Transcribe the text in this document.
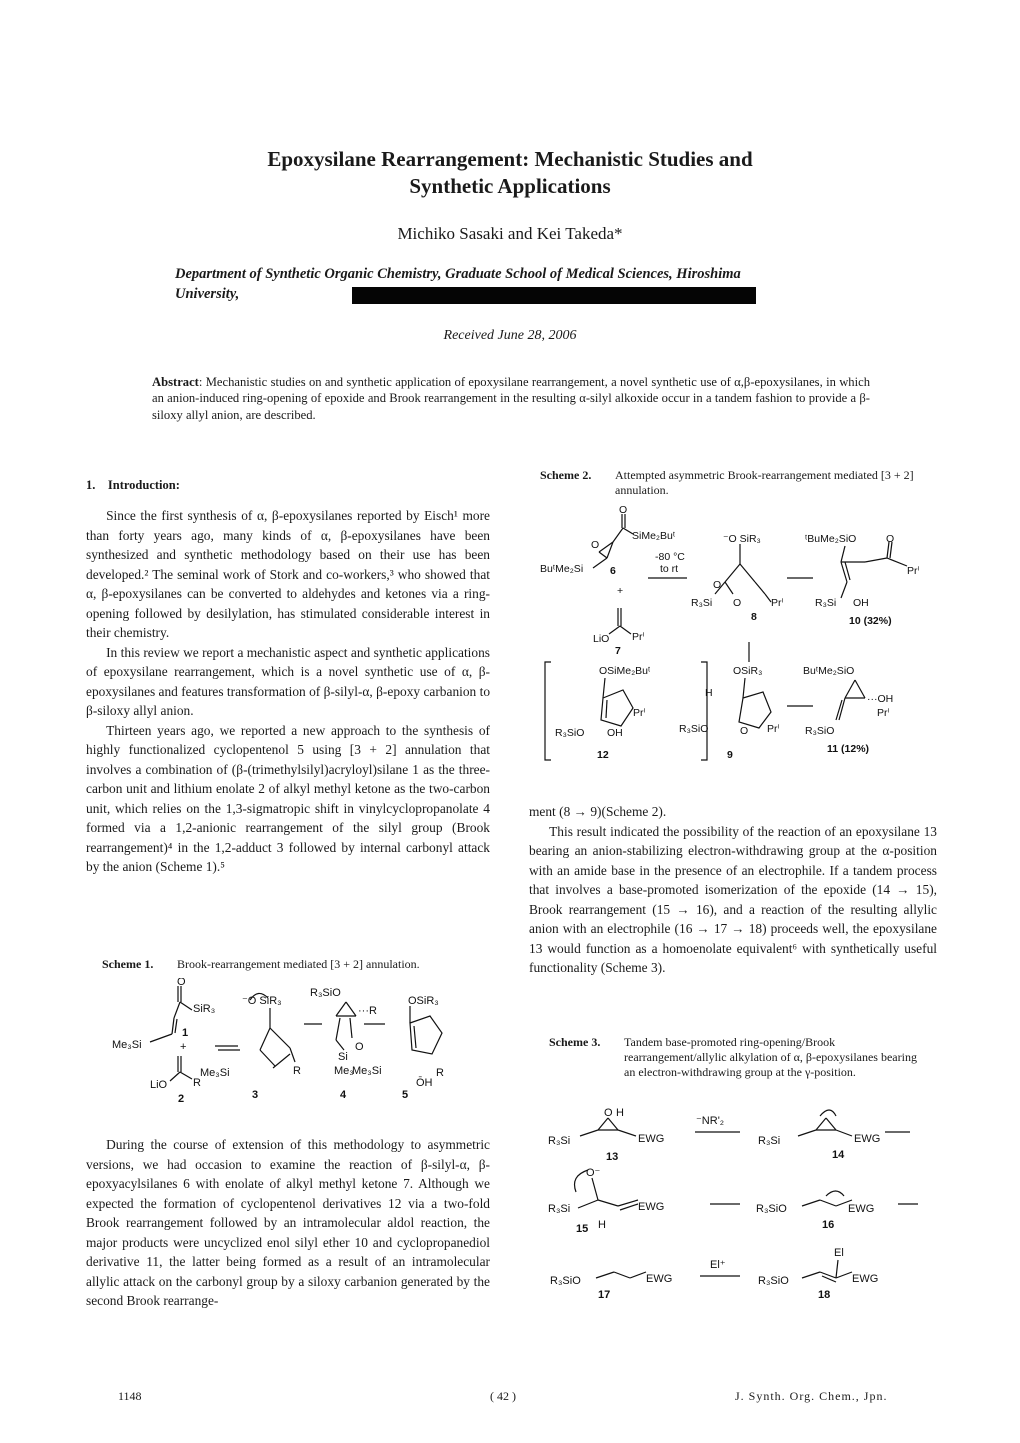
Epoxysilane Rearrangement: Mechanistic Studies and
Synthetic Applications
Michiko Sasaki and Kei Takeda*
Department of Synthetic Organic Chemistry, Graduate School of Medical Sciences, Hiroshima
University,
Received June 28, 2006
Abstract: Mechanistic studies on and synthetic application of epoxysilane rearrangement, a novel synthetic use of α,β-epoxysilanes, in which an anion-induced ring-opening of epoxide and Brook rearrangement in the resulting α-silyl alkoxide occur in a tandem fashion to provide a β-siloxy allyl anion, are described.
1.    Introduction:

Since the first synthesis of α, β-epoxysilanes reported by Eisch¹ more than forty years ago, many kinds of α, β-epoxysilanes have been synthesized and synthetic methodology based on their use has been developed.² The seminal work of Stork and co-workers,³ who showed that α, β-epoxysilanes can be converted to aldehydes and ketones via a ring-opening followed by desilylation, has stimulated considerable interest in their chemistry.

In this review we report a mechanistic aspect and synthetic applications of epoxysilane rearrangement, which is a novel synthetic use of α, β-epoxysilanes and features transformation of β-silyl-α, β-epoxy carbanion to β-siloxy allyl anion.

Thirteen years ago, we reported a new approach to the synthesis of highly functionalized cyclopentenol 5 using [3 + 2] annulation that involves a combination of (β-(trimethylsilyl)acryloyl)silane 1 as the three-carbon unit and lithium enolate 2 of alkyl methyl ketone as the two-carbon unit, which relies on the 1,3-sigmatropic shift in vinylcyclopropanolate 4 formed via a 1,2-anionic rearrangement of the silyl group (Brook rearrangement)⁴ in the 1,2-adduct 3 followed by internal carbonyl attack by the anion (Scheme 1).⁵

Scheme 1. Brook-rearrangement mediated [3 + 2] annulation.
O
SiR₃
Me₃Si
1
+
LiO R
2
⁻O SiR₃
R₃SiO
Me₃Si	R
3
···R
O
Si
Me₃
Me₃Si
4
OSiR₃
R
ŌH
5

During the course of extension of this methodology to asymmetric versions, we had occasion to examine the reaction of β-silyl-α, β-epoxyacylsilanes 6 with enolate of alkyl methyl ketone 7. Although we expected the formation of cyclopentenol derivatives 12 via a two-fold Brook rearrangement followed by an intramolecular aldol reaction, the major products were uncyclized enol silyl ether 10 and cyclopropanediol derivative 11, the latter being formed as a result of an intramolecular allylic attack on the carbonyl group by a siloxy carbanion generated by the second Brook rearrange-

Scheme 2. Attempted asymmetric Brook-rearrangement mediated [3 + 2] annulation.
O
SiMe₂Buᵗ
O
BuᵗMe₂Si
-80 °C
to rt
6
+
LiO Prⁱ
7
⁻O SiR₃
O
R₃Si O	Prⁱ
8
ᵗBuMe₂SiO	O
Prⁱ
R₃Si OH
10 (32%)
OSiMe₂Buᵗ
Prⁱ
R₃SiO OH
12
OSiR₃
H
R₃SiO	O Prⁱ
9
BuᵗMe₂SiO
···OH
Prⁱ
R₃SiO
11 (12%)
ment (8 → 9)(Scheme 2).

This result indicated the possibility of the reaction of an epoxysilane 13 bearing an anion-stabilizing electron-withdrawing group at the α-position with an amide base in the presence of an electrophile. If a tandem process that involves a base-promoted isomerization of the epoxide (14 → 15), Brook rearrangement (15 → 16), and a reaction of the resulting allylic anion with an electrophile (16 → 17 → 18) proceeds well, the epoxysilane 13 would function as a homoenolate equivalent⁶ with synthetically useful functionality (Scheme 3).

Scheme 3. Tandem base-promoted ring-opening/Brook rearrangement/allylic alkylation of α, β-epoxysilanes bearing an electron-withdrawing group at the γ-position.
O H
R₃Si	EWG
13
⁻NR'₂
R₃Si	EWG
14
O⁻
R₃Si	EWG
15 H
R₃SiO	EWG
16
R₃SiO	EWG
17
El⁺
El
R₃SiO	EWG
18
1148	( 42 )	J. Synth. Org. Chem., Jpn.
